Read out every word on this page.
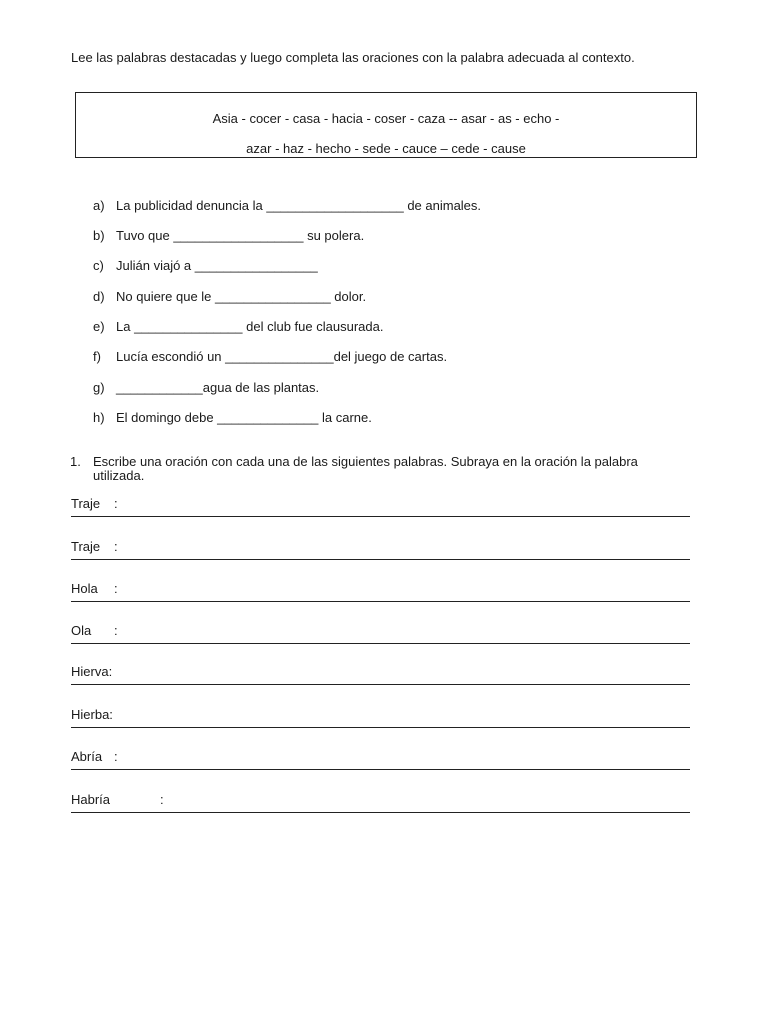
Lee las palabras destacadas y luego completa las oraciones con la palabra adecuada al contexto.

Asia - cocer - casa - hacia - coser - caza -- asar - as - echo -
azar - haz - hecho - sede - cauce – cede - cause
a) La publicidad denuncia la ___________________ de animales.
b) Tuvo que __________________ su polera.
c) Julián viajó a _________________
d) No quiere que le ________________ dolor.
e) La _______________ del club fue clausurada.
f) Lucía escondió un _______________del juego de cartas.
g) ____________agua de las plantas.
h) El domingo debe ______________ la carne.
1. Escribe una oración con cada una de las siguientes palabras. Subraya en la oración la palabra utilizada.
Traje :
Traje :
Hola :
Ola :
Hierva:
Hierba:
Abría :
Habría	:
